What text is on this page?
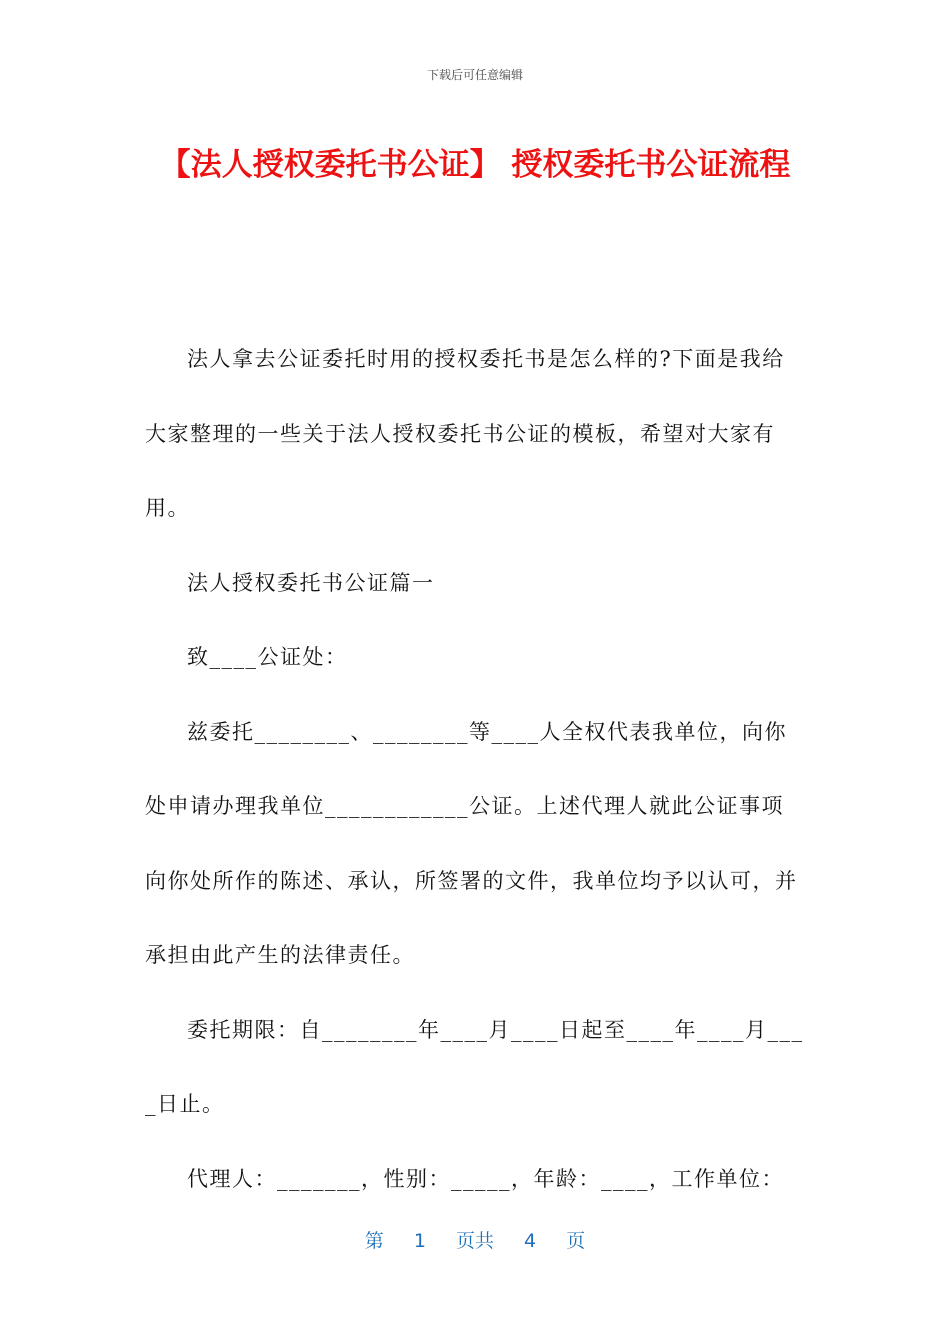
下载后可任意编辑
【法人授权委托书公证】 授权委托书公证流程

法人拿去公证委托时用的授权委托书是怎么样的?下面是我给大家整理的一些关于法人授权委托书公证的模板，希望对大家有用。

法人授权委托书公证篇一

致____公证处：

兹委托________、________等____人全权代表我单位，向你处申请办理我单位____________公证。上述代理人就此公证事项向你处所作的陈述、承认，所签署的文件，我单位均予以认可，并承担由此产生的法律责任。

委托期限：自________年____月____日起至____年____月____日止。

代理人：_______，性别：_____，年龄：____，工作单位：

第 1 页共 4 页
